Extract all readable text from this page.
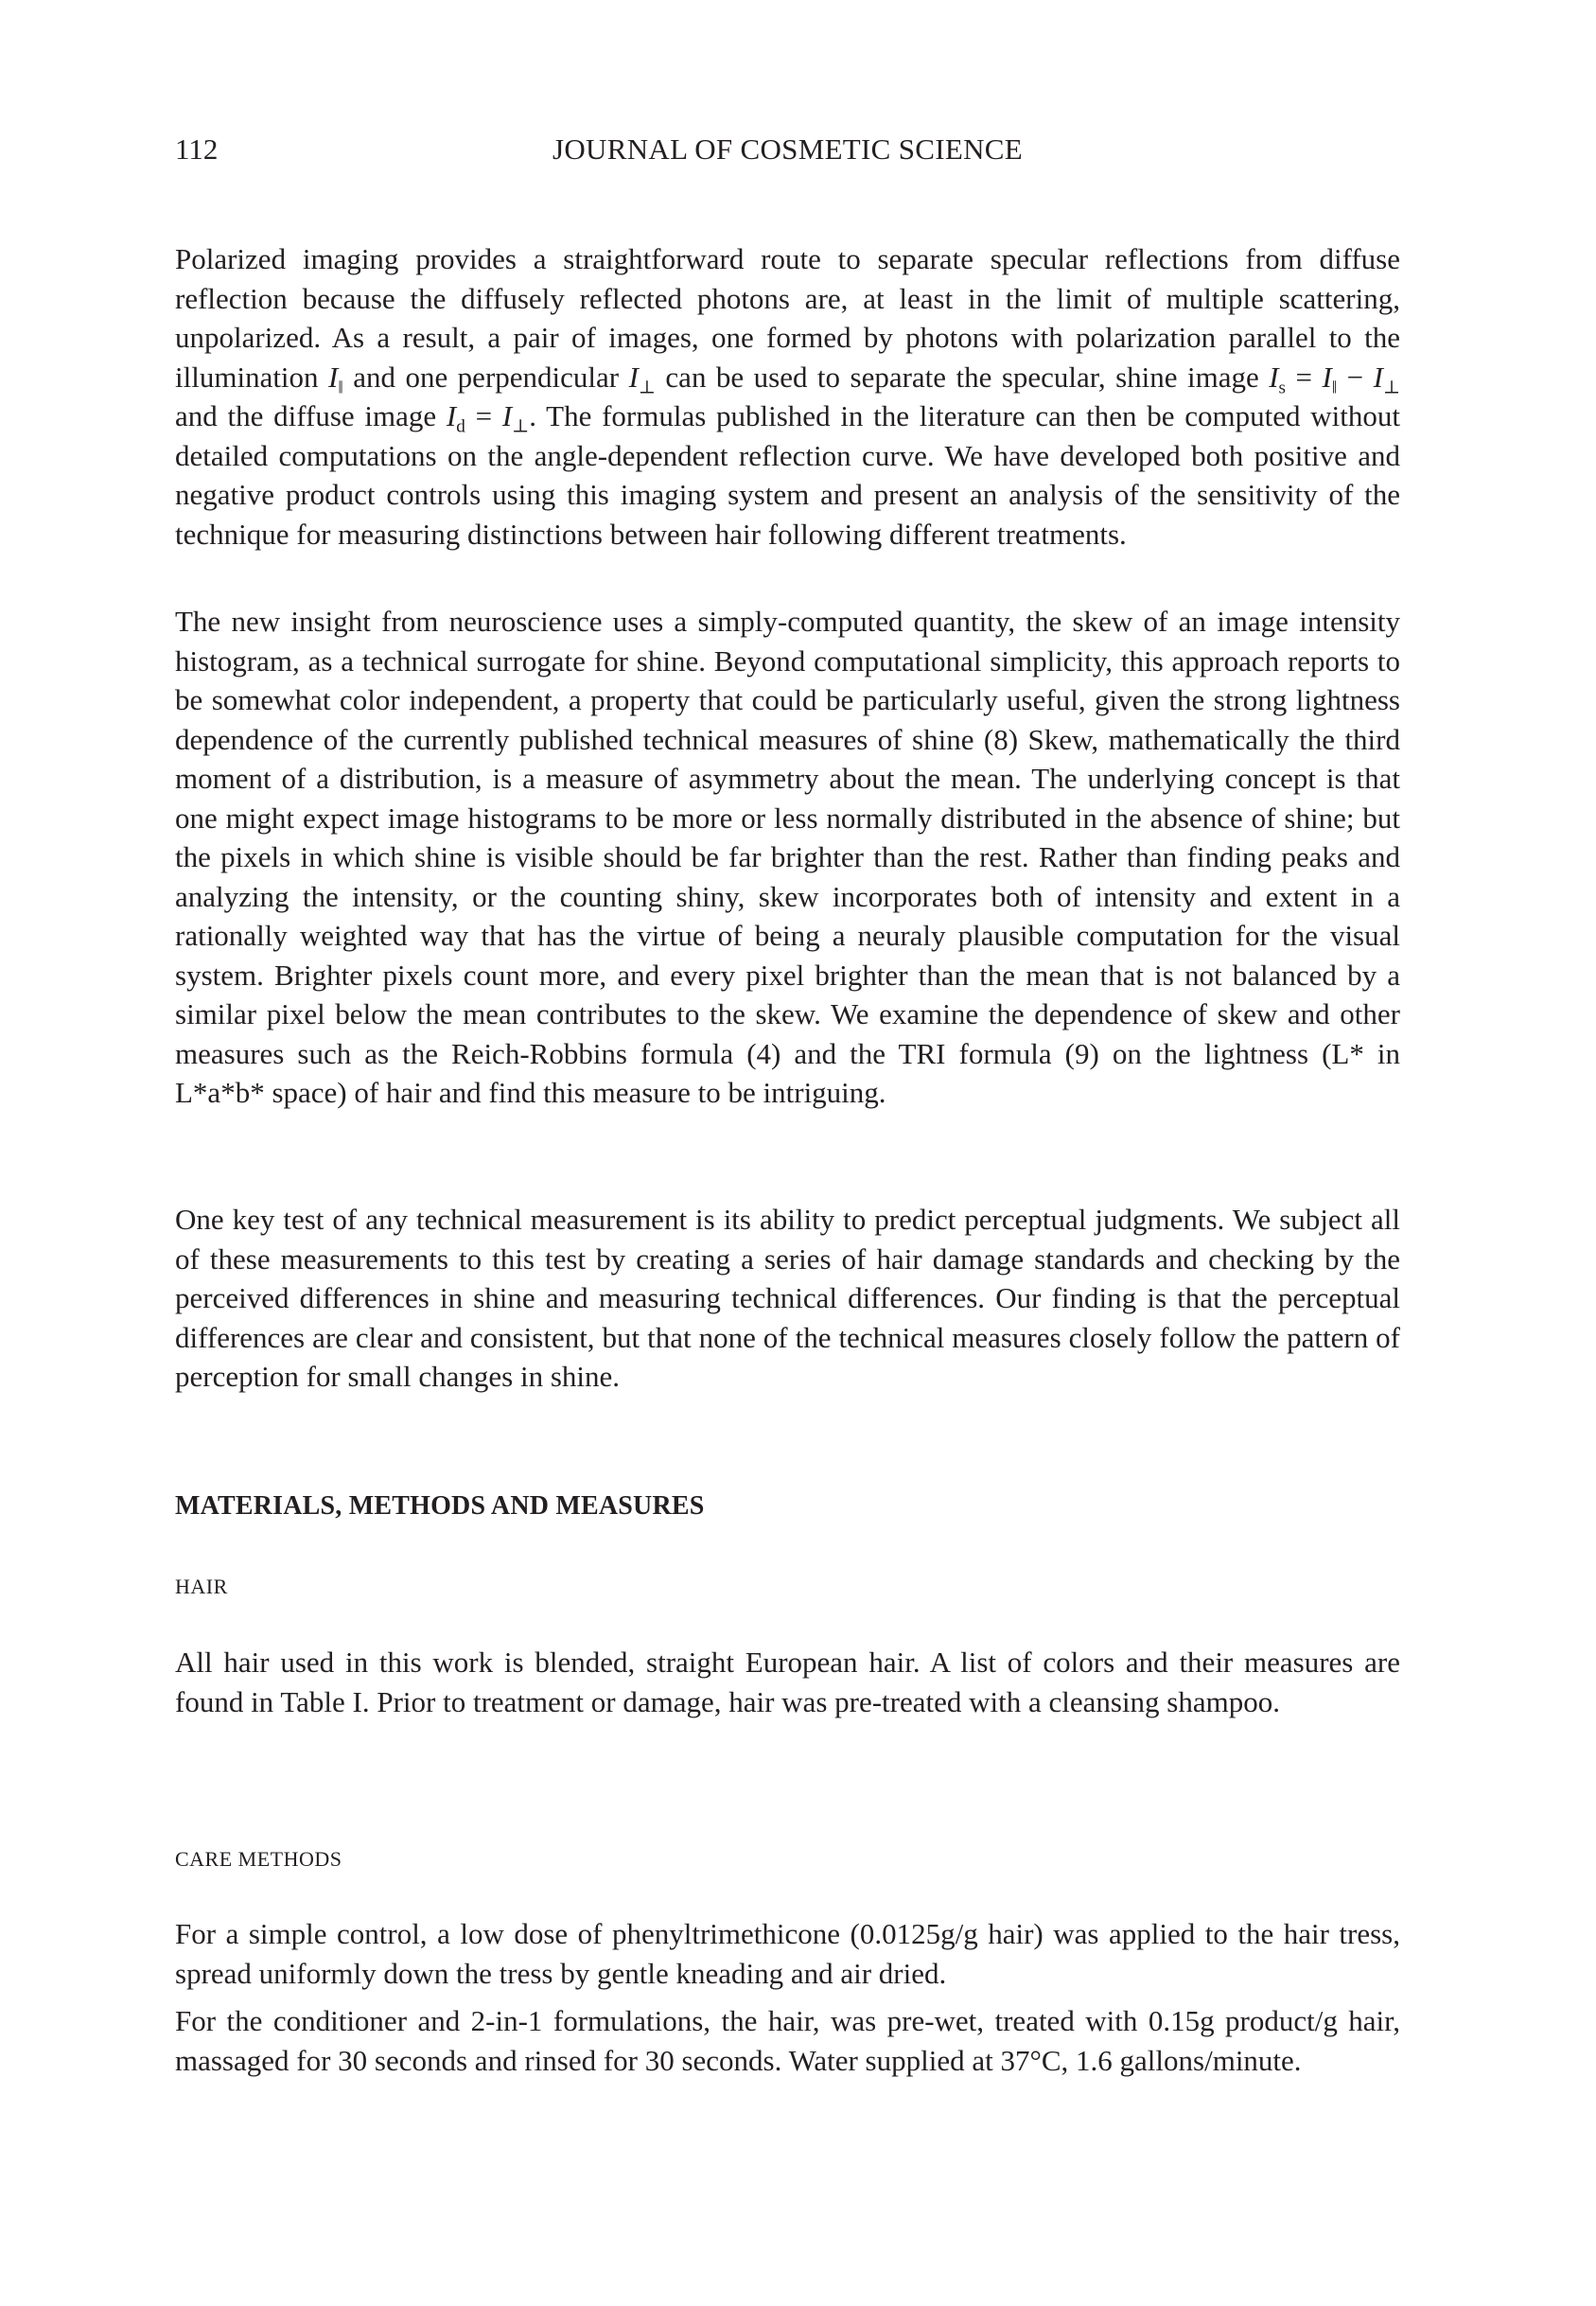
112	JOURNAL OF COSMETIC SCIENCE

Polarized imaging provides a straightforward route to separate specular reflections from diffuse reflection because the diffusely reflected photons are, at least in the limit of multiple scattering, unpolarized. As a result, a pair of images, one formed by photons with polarization parallel to the illumination $I_‖$ and one perpendicular $I_\perp$ can be used to separate the specular, shine image $I_s = I_‖ - I_\perp$ and the diffuse image $I_d = I_\perp$. The formulas published in the literature can then be computed without detailed computations on the angle-dependent reflection curve. We have developed both positive and negative product controls using this imaging system and present an analysis of the sensitivity of the technique for measuring distinctions between hair following different treatments.

The new insight from neuroscience uses a simply-computed quantity, the skew of an image intensity histogram, as a technical surrogate for shine. Beyond computational simplicity, this approach reports to be somewhat color independent, a property that could be particularly useful, given the strong lightness dependence of the currently published technical measures of shine (8) Skew, mathematically the third moment of a distribution, is a measure of asymmetry about the mean. The underlying concept is that one might expect image histograms to be more or less normally distributed in the absence of shine; but the pixels in which shine is visible should be far brighter than the rest. Rather than finding peaks and analyzing the intensity, or the counting shiny, skew incorporates both of intensity and extent in a rationally weighted way that has the virtue of being a neuraly plausible computation for the visual system. Brighter pixels count more, and every pixel brighter than the mean that is not balanced by a similar pixel below the mean contributes to the skew. We examine the dependence of skew and other measures such as the Reich-Robbins formula (4) and the TRI formula (9) on the lightness (L* in L*a*b* space) of hair and find this measure to be intriguing.

One key test of any technical measurement is its ability to predict perceptual judgments. We subject all of these measurements to this test by creating a series of hair damage standards and checking by the perceived differences in shine and measuring technical differences. Our finding is that the perceptual differences are clear and consistent, but that none of the technical measures closely follow the pattern of perception for small changes in shine.

MATERIALS, METHODS AND MEASURES
HAIR

All hair used in this work is blended, straight European hair. A list of colors and their measures are found in Table I. Prior to treatment or damage, hair was pre-treated with a cleansing shampoo.

CARE METHODS

For a simple control, a low dose of phenyltrimethicone (0.0125g/g hair) was applied to the hair tress, spread uniformly down the tress by gentle kneading and air dried.

For the conditioner and 2-in-1 formulations, the hair, was pre-wet, treated with 0.15g product/g hair, massaged for 30 seconds and rinsed for 30 seconds. Water supplied at 37°C, 1.6 gallons/minute.
